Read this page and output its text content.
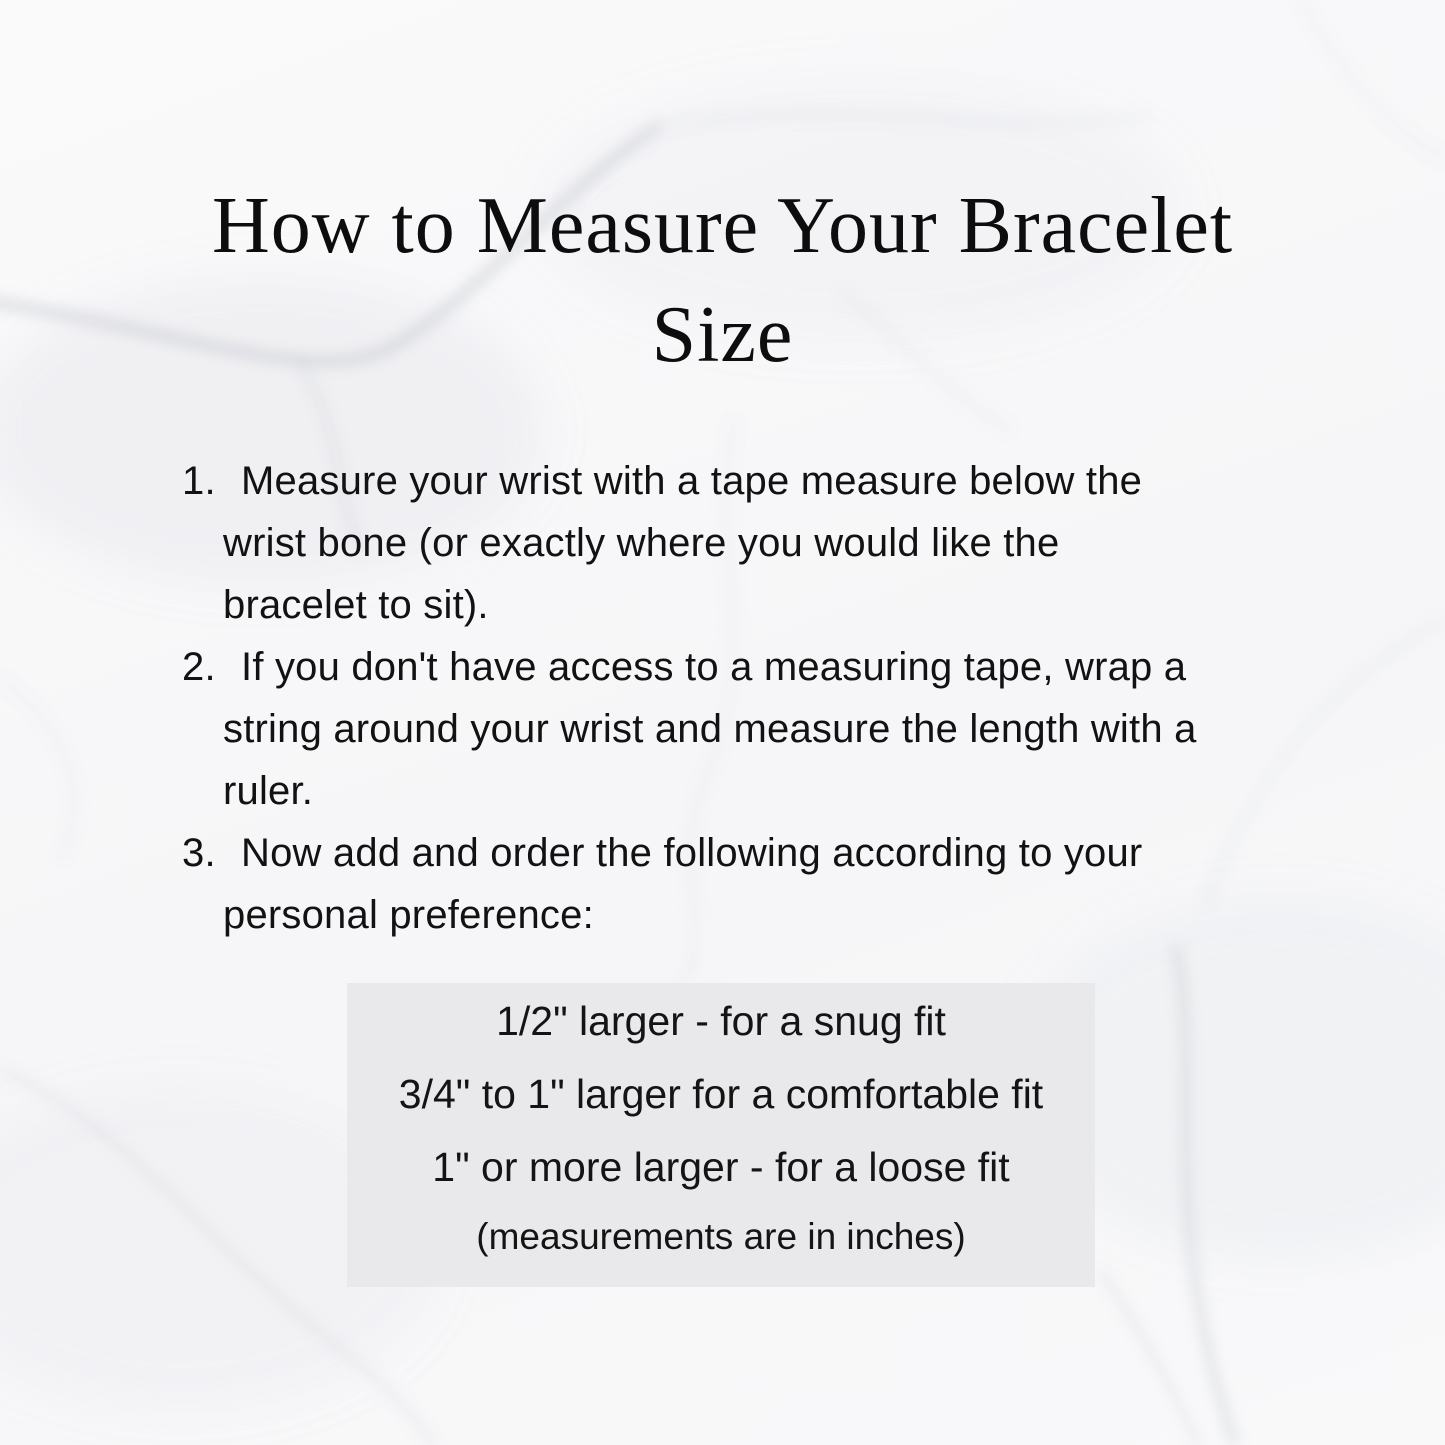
How to Measure Your Bracelet
Size
1. Measure your wrist with a tape measure below the
wrist bone (or exactly where you would like the
bracelet to sit).
2. If you don't have access to a measuring tape, wrap a
string around your wrist and measure the length with a
ruler.
3. Now add and order the following according to your
personal preference:
1/2" larger - for a snug fit
3/4" to 1" larger for a comfortable fit
1" or more larger - for a loose fit
(measurements are in inches)
